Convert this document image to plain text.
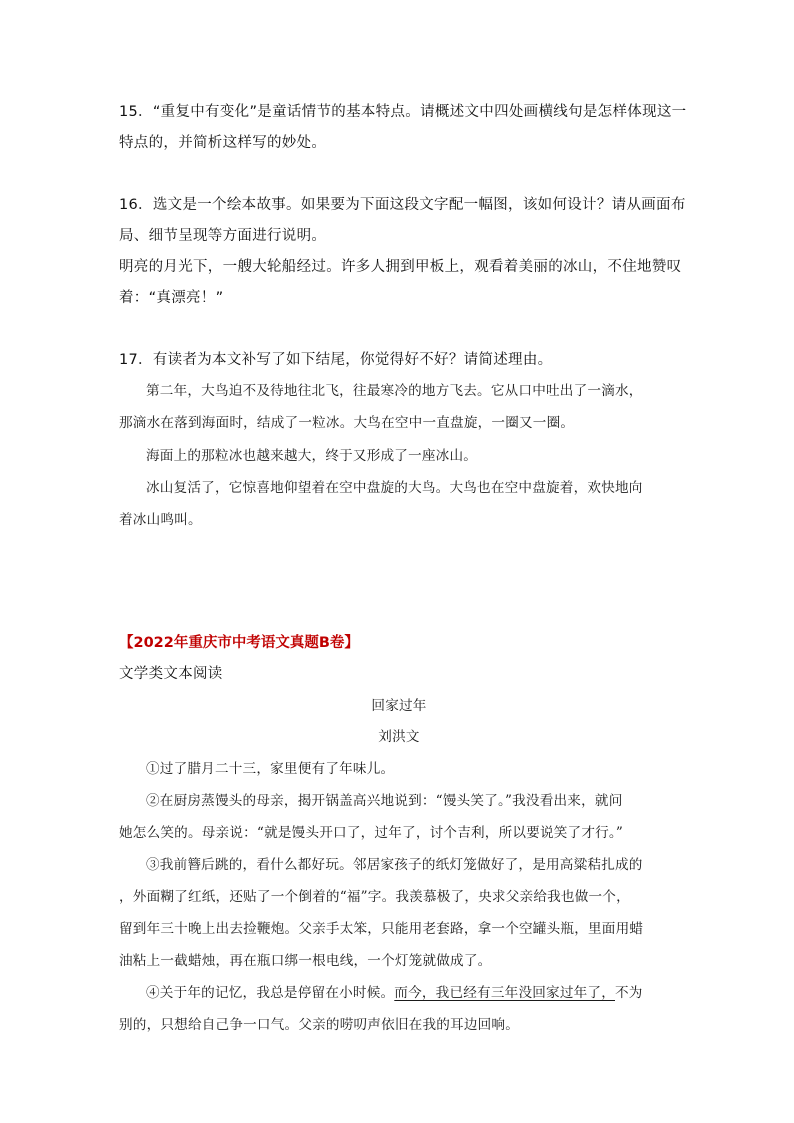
15．“重复中有变化”是童话情节的基本特点。请概述文中四处画横线句是怎样体现这一

特点的，并简析这样写的妙处。

16．选文是一个绘本故事。如果要为下面这段文字配一幅图，该如何设计？请从画面布

局、细节呈现等方面进行说明。

明亮的月光下，一艘大轮船经过。许多人拥到甲板上，观看着美丽的冰山，不住地赞叹

着：“真漂亮！”

17．有读者为本文补写了如下结尾，你觉得好不好？请简述理由。

第二年，大鸟迫不及待地往北飞，往最寒冷的地方飞去。它从口中吐出了一滴水，

那滴水在落到海面时，结成了一粒冰。大鸟在空中一直盘旋，一圈又一圈。

海面上的那粒冰也越来越大，终于又形成了一座冰山。

冰山复活了，它惊喜地仰望着在空中盘旋的大鸟。大鸟也在空中盘旋着，欢快地向

着冰山鸣叫。

【2022年重庆市中考语文真题B卷】

文学类文本阅读

回家过年

刘洪文

①过了腊月二十三，家里便有了年味儿。

②在厨房蒸馒头的母亲，揭开锅盖高兴地说到：“馒头笑了。”我没看出来，就问

她怎么笑的。母亲说：“就是馒头开口了，过年了，讨个吉利，所以要说笑了才行。”

③我前簪后跳的，看什么都好玩。邻居家孩子的纸灯笼做好了，是用高粱秸扎成的

，外面糊了红纸，还贴了一个倒着的“福”字。我羡慕极了，央求父亲给我也做一个，

留到年三十晚上出去捡鞭炮。父亲手太笨，只能用老套路，拿一个空罐头瓶，里面用蜡

油粘上一截蜡烛，再在瓶口绑一根电线，一个灯笼就做成了。

④关于年的记忆，我总是停留在小时候。而今，我已经有三年没回家过年了，不为

别的，只想给自己争一口气。父亲的唠叨声依旧在我的耳边回响。
